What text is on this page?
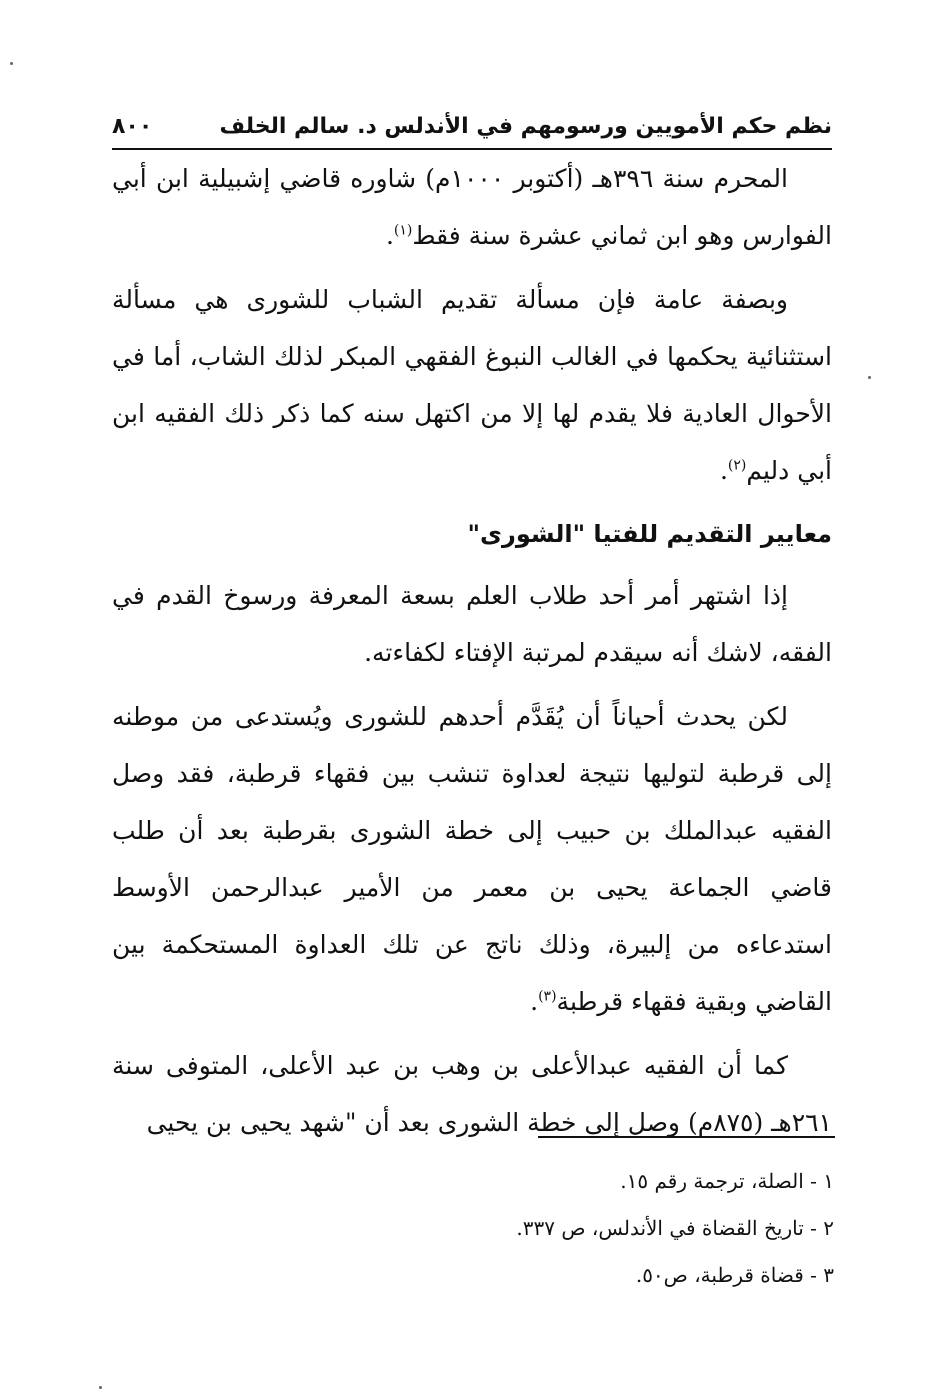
نظم حكم الأمويين ورسومهم في الأندلس د. سالم الخلف
٨٠٠

المحرم سنة ٣٩٦هـ (أكتوبر ١٠٠٠م) شاوره قاضي إشبيلية ابن أبي الفوارس وهو ابن ثماني عشرة سنة فقط$^{(١)}$.

وبصفة عامة فإن مسألة تقديم الشباب للشورى هي مسألة استثنائية يحكمها في الغالب النبوغ الفقهي المبكر لذلك الشاب، أما في الأحوال العادية فلا يقدم لها إلا من اكتهل سنه كما ذكر ذلك الفقيه ابن أبي دليم$^{(٢)}$.

معايير التقديم للفتيا "الشورى"

إذا اشتهر أمر أحد طلاب العلم بسعة المعرفة ورسوخ القدم في الفقه، لاشك أنه سيقدم لمرتبة الإفتاء لكفاءته.

لكن يحدث أحياناً أن يُقَدَّم أحدهم للشورى ويُستدعى من موطنه إلى قرطبة لتوليها نتيجة لعداوة تنشب بين فقهاء قرطبة، فقد وصل الفقيه عبدالملك بن حبيب إلى خطة الشورى بقرطبة بعد أن طلب قاضي الجماعة يحيى بن معمر من الأمير عبدالرحمن الأوسط استدعاءه من إلبيرة، وذلك ناتج عن تلك العداوة المستحكمة بين القاضي وبقية فقهاء قرطبة$^{(٣)}$.

كما أن الفقيه عبدالأعلى بن وهب بن عبد الأعلى، المتوفى سنة ٢٦١هـ (٨٧٥م) وصل إلى خطة الشورى بعد أن "شهد يحيى بن يحيى

١ - الصلة، ترجمة رقم ١٥.

٢ - تاريخ القضاة في الأندلس، ص ٣٣٧.

٣ - قضاة قرطبة، ص٥٠.
